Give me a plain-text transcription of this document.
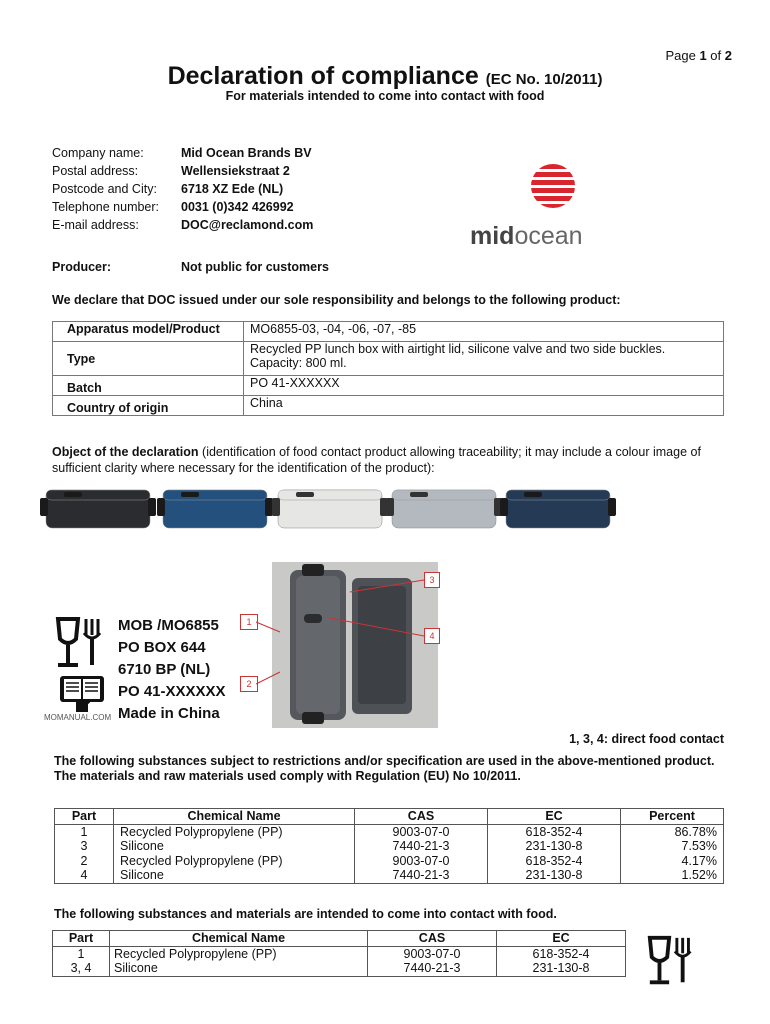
Page 1 of 2
Declaration of compliance (EC No. 10/2011)
For materials intended to come into contact with food
Company name:	Mid Ocean Brands BV
Postal address:	Wellensiekstraat 2
Postcode and City: 6718 XZ Ede (NL)
Telephone number: 0031 (0)342 426992
E-mail address:	DOC@reclamond.com	midocean
Producer:	Not public for customers
We declare that DOC issued under our sole responsibility and belongs to the following product:
Apparatus model/Product	MO6855-03, -04, -06, -07, -85
Type	Recycled PP lunch box with airtight lid, silicone valve and two side buckles.
Capacity: 800 ml.

Batch	PO 41-XXXXXX
Country of origin	China
Object of the declaration (identification of food contact product allowing traceability; it may include a colour image of sufficient clarity where necessary for the identification of the product):
MOB /MO6855
PO BOX 644
6710 BP (NL)
PO 41-XXXXXX
Made in China
MOMANUAL.COM
1
2
3
4
1, 3, 4: direct food contact
The following substances subject to restrictions and/or specification are used in the above-mentioned product. The materials and raw materials used comply with Regulation (EU) No 10/2011.
Part	Chemical Name	CAS	EC	Percent
1	Recycled Polypropylene (PP)	9003-07-0	618-352-4	86.78%
3	Silicone	7440-21-3	231-130-8	7.53%
2	Recycled Polypropylene (PP)	9003-07-0	618-352-4	4.17%
4	Silicone	7440-21-3	231-130-8	1.52%
The following substances and materials are intended to come into contact with food.
Part	Chemical Name	CAS	EC
1	Recycled Polypropylene (PP)	9003-07-0	618-352-4
3, 4	Silicone	7440-21-3	231-130-8
